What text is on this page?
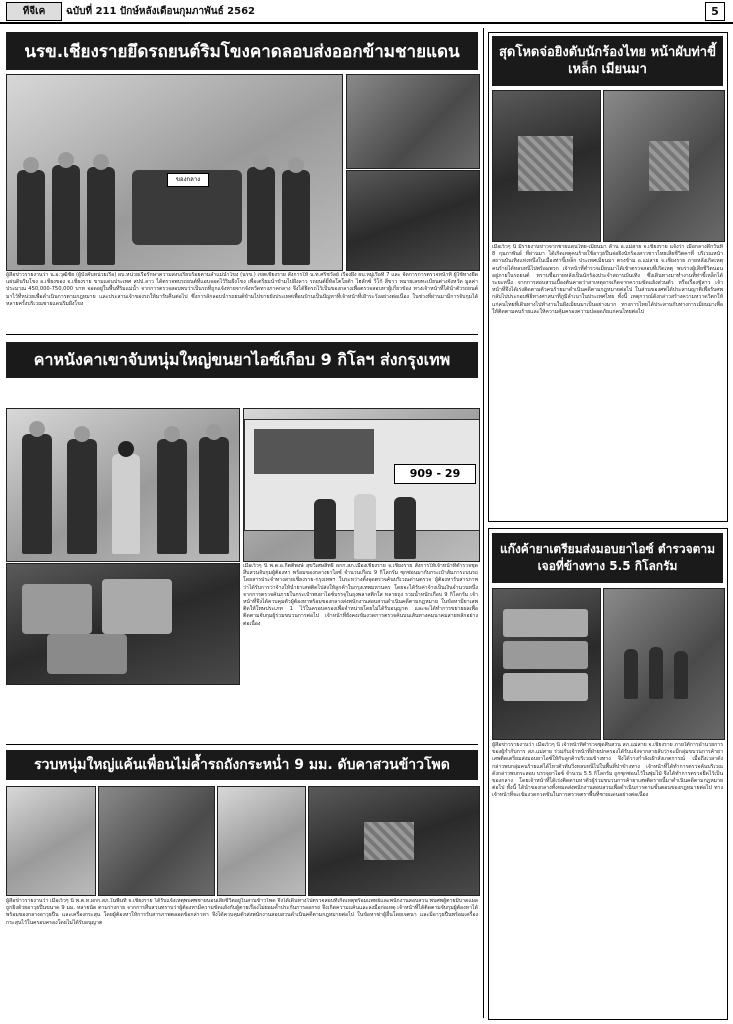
ทีจีเค	ฉบับที่ 211 ปักษ์หลังเดือนกุมภาพันธ์ 2562	5
นรข.เชียงรายยึดรถยนต์ริมโขงคาดลอบส่งออกข้ามชายแดน
ของกลาง
ผู้สื่อข่าวรายงานว่า น.อ.วุฒิชัย (ผู้บังคับหน่วยเรือ) ผบ.หน่วยเรือรักษาความสงบเรียบร้อยตามลำแม่น้ำโขง (นรข.) เขตเชียงราย สั่งการให้ น.ท.ศรีชวัลย์ เรืองผึ้ง ผบ.หมู่เรือที่ 7 และ จัดการการตรวจหน้าที่ ผู้ใช้ทางยึดแผ่นดินริมโขง อ.เชียงของ จ.เชียงราย ขามแดนประเทศ สปป.ลาว ได้ตรวจพบรถยนต์ที่แอบจอดไว้ริมฝั่งโขง เพื่อเตรียมนำข้ามไปฝั่งลาว รถยนต์ยี่ห้อโตโยต้า ไฮลักซ์ วีโก้ สีขาว หมายเลขทะเบียนต่างจังหวัด มูลค่าประมาณ 450,000-750,000 บาท จอดอยู่ในพื้นที่ริมแม่น้ำ จากการตรวจสอบพบว่าเป็นรถที่ถูกแจ้งหายจากจังหวัดทางภาคกลาง จึงได้ยึดรถไว้เป็นของกลางเพื่อตรวจสอบหาผู้เกี่ยวข้อง ทางเจ้าหน้าที่ได้นำตัวรถยนต์มาไว้ที่หน่วยเพื่อดำเนินการตามกฎหมาย และประสานเจ้าของรถให้มารับคืนต่อไป ซึ่งการลักลอบนำรถยนต์ข้ามไปขายยังประเทศเพื่อนบ้านเป็นปัญหาที่เจ้าหน้าที่เฝ้าระวังอย่างต่อเนื่อง ในช่วงที่ผ่านมามีการจับกุมได้หลายครั้งบริเวณชายแดนริมฝั่งโขง
คาหนังคาเขาจับหนุ่มใหญ่ขนยาไอซ์เกือบ 9 กิโลฯ ส่งกรุงเทพ
909 - 29
เมื่อเร็วๆ นี้ พ.ต.อ.กิตติพงษ์ สุขวิเศษสิทธิ์ ผกก.สภ.เมืองเชียงราย จ.เชียงราย สั่งการให้เจ้าหน้าที่ตำรวจชุดสืบสวนจับกุมผู้ต้องหา พร้อมของกลางยาไอซ์ จำนวนเกือบ 9 กิโลกรัม ซุกซ่อนมากับกระเป๋าสัมภาระบนรถโดยสารประจำทางสายเชียงราย-กรุงเทพฯ ในระหว่างตั้งจุดตรวจค้นบริเวณด่านตรวจ ผู้ต้องหารับสารภาพว่าได้รับการว่าจ้างให้นำยาเสพติดไปส่งให้ลูกค้าในกรุงเทพมหานคร โดยจะได้รับค่าจ้างเป็นเงินจำนวนหนึ่ง จากการตรวจค้นภายในกระเป๋าพบยาไอซ์บรรจุในถุงพลาสติกใส หลายถุง รวมน้ำหนักเกือบ 9 กิโลกรัม เจ้าหน้าที่จึงได้ควบคุมตัวผู้ต้องหาพร้อมของกลางส่งพนักงานสอบสวนดำเนินคดีตามกฎหมาย ในข้อหามียาเสพติดให้โทษประเภท 1 ไว้ในครอบครองเพื่อจำหน่ายโดยไม่ได้รับอนุญาต และจะได้ทำการขยายผลเพื่อติดตามจับกุมผู้ร่วมขบวนการต่อไป เจ้าหน้าที่ยังคงเข้มงวดการตรวจค้นบนเส้นทางคมนาคมสายหลักอย่างต่อเนื่อง
รวบหนุ่มใหญ่แค้นเพื่อนไม่ค้ำรถถังกระหน่ำ 9 มม. ดับคาสวนข้าวโพด
ผู้สื่อข่าวรายงานว่า เมื่อเร็วๆ นี้ พ.ต.ท.ผกก.สภ.ในพื้นที่ จ.เชียงราย ได้รับแจ้งเหตุพบศพชายนอนเสียชีวิตอยู่ในสวนข้าวโพด จึงได้เดินทางไปตรวจสอบที่เกิดเหตุพร้อมแพทย์และพนักงานสอบสวน พบศพผู้ตายมีบาดแผลถูกยิงด้วยอาวุธปืนขนาด 9 มม. หลายนัด ตามร่างกาย จากการสืบสวนทราบว่าผู้ต้องหามีความขัดแย้งกับผู้ตายเรื่องไม่ยอมค้ำประกันการออกรถ จึงเกิดความแค้นและลงมือก่อเหตุ เจ้าหน้าที่ได้ติดตามจับกุมผู้ต้องหาได้พร้อมของกลางอาวุธปืน และเครื่องกระสุน โดยผู้ต้องหาให้การรับสารภาพตลอดข้อกล่าวหา จึงได้ควบคุมตัวส่งพนักงานสอบสวนดำเนินคดีตามกฎหมายต่อไป ในข้อหาฆ่าผู้อื่นโดยเจตนา และมีอาวุธปืนพร้อมเครื่องกระสุนไว้ในครอบครองโดยไม่ได้รับอนุญาต
สุดโหดจ่อยิงดับนักร้องไทย หน้าผับท่าขี้เหล็ก เมียนมา
เมื่อเร็วๆ นี้ มีรายงานข่าวจากชายแดนไทย-เมียนมา ด้าน อ.แม่สาย จ.เชียงราย แจ้งว่า เมื่อกลางดึกวันที่ 8 กุมภาพันธ์ ที่ผ่านมา ได้เกิดเหตุคนร้ายใช้อาวุธปืนจ่อยิงนักร้องสาวชาวไทยเสียชีวิตคาที่ บริเวณหน้าสถานบันเทิงแห่งหนึ่งในเมืองท่าขี้เหล็ก ประเทศเมียนมา ตรงข้าม อ.แม่สาย จ.เชียงราย ภายหลังเกิดเหตุคนร้ายได้หลบหนีไปพร้อมพวก เจ้าหน้าที่ตำรวจเมียนมาได้เข้าตรวจสอบที่เกิดเหตุ พบร่างผู้เสียชีวิตนอนอยู่ภายในรถยนต์ ทราบชื่อภายหลังเป็นนักร้องประจำสถานบันเทิง ซึ่งเดินทางมาทำงานที่ท่าขี้เหล็กได้ระยะหนึ่ง จากการสอบสวนเบื้องต้นคาดว่าสาเหตุอาจเกิดจากความขัดแย้งส่วนตัว หรือเรื่องชู้สาว เจ้าหน้าที่จึงได้เร่งติดตามตัวคนร้ายมาดำเนินคดีตามกฎหมายต่อไป ในส่วนของศพได้ประสานญาติเพื่อรับศพกลับไปประกอบพิธีทางศาสนาที่ภูมิลำเนาในประเทศไทย ทั้งนี้ เหตุการณ์ดังกล่าวสร้างความหวาดวิตกให้แก่คนไทยที่เดินทางไปทำงานในฝั่งเมียนมาเป็นอย่างมาก ทางการไทยได้ประสานกับทางการเมียนมาเพื่อให้ติดตามคนร้ายและให้ความคุ้มครองความปลอดภัยแก่คนไทยต่อไป
แก๊งค้ายาเตรียมส่งมอบยาไอซ์ ตำรวจตามเจอที่ข้างทาง 5.5 กิโลกรัม
ผู้สื่อข่าวรายงานว่า เมื่อเร็วๆ นี้ เจ้าหน้าที่ตำรวจชุดสืบสวน สภ.แม่สาย จ.เชียงราย ภายใต้การอำนวยการของผู้กำกับการ สภ.แม่สาย ร่วมกับเจ้าหน้าที่ฝ่ายปกครองได้รับแจ้งจากสายลับว่าจะมีกลุ่มขบวนการค้ายาเสพติดเตรียมส่งมอบยาไอซ์ให้กับลูกค้าบริเวณข้างทาง จึงได้วางกำลังเฝ้าสังเกตการณ์ เมื่อถึงเวลาดังกล่าวพบกลุ่มคนร้ายแต่ได้ไหวตัวทันวิ่งหลบหนีไปในพื้นที่ป่าข้างทาง เจ้าหน้าที่ได้ทำการตรวจค้นบริเวณดังกล่าวพบกระสอบ บรรจุยาไอซ์ จำนวน 5.5 กิโลกรัม ถูกซุกซ่อนไว้ในพุ่มไม้ จึงได้ทำการตรวจยึดไว้เป็นของกลาง โดยเจ้าหน้าที่ได้เร่งติดตามหาตัวผู้ร่วมขบวนการค้ายาเสพติดรายนี้มาดำเนินคดีตามกฎหมายต่อไป ทั้งนี้ ได้นำของกลางทั้งหมดส่งพนักงานสอบสวนเพื่อดำเนินการตามขั้นตอนของกฎหมายต่อไป ทางเจ้าหน้าที่จะเข้มงวดกวดขันในการตรวจตราพื้นที่ชายแดนอย่างต่อเนื่อง
